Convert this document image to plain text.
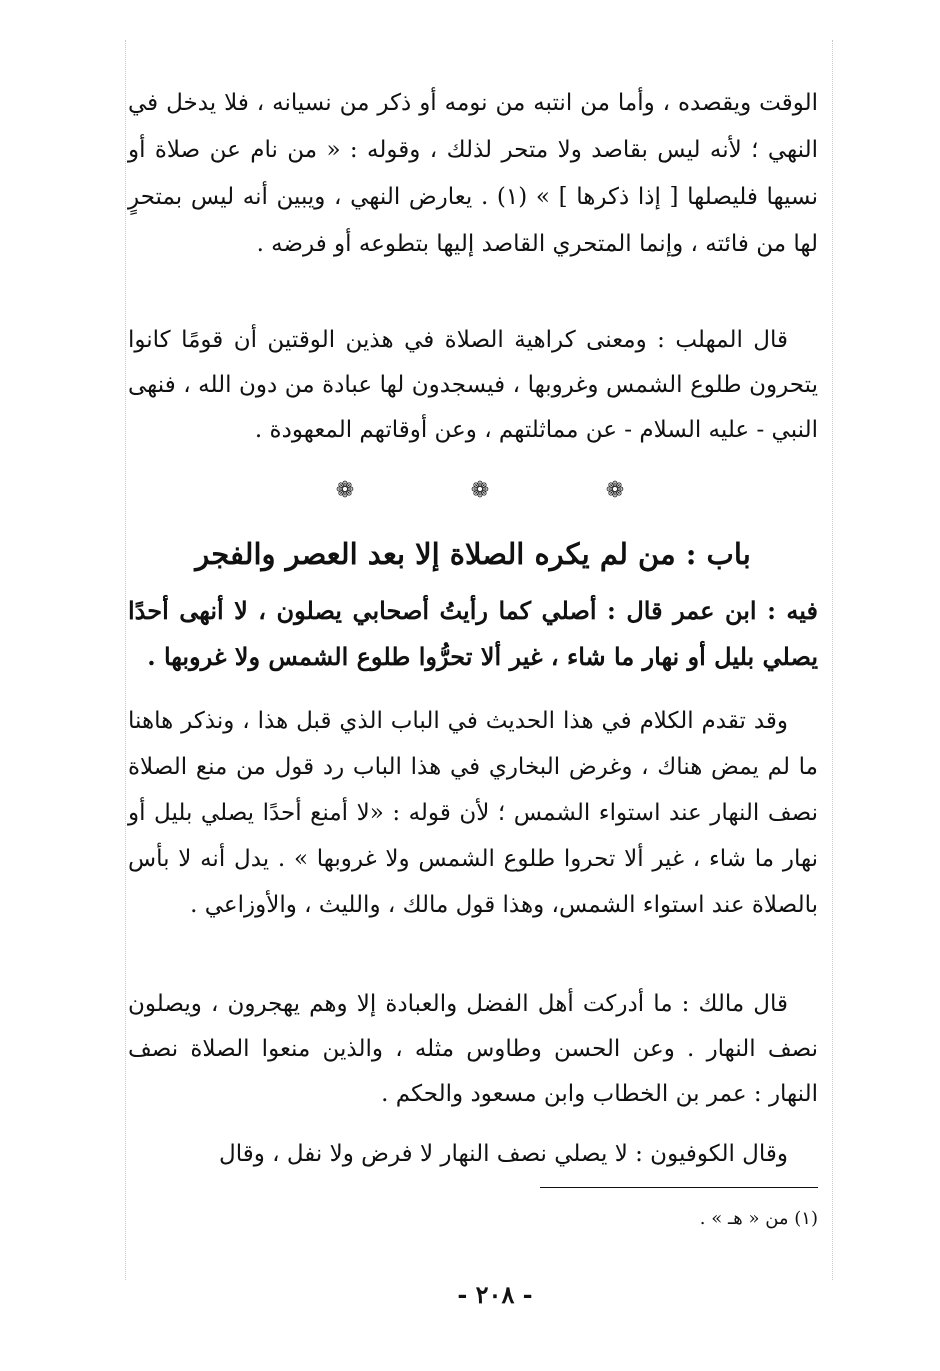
الوقت ويقصده ، وأما من انتبه من نومه أو ذكر من نسيانه ، فلا يدخل في النهي ؛ لأنه ليس بقاصد ولا متحر لذلك ، وقوله : « من نام عن صلاة أو نسيها فليصلها [ إذا ذكرها ] » (١) . يعارض النهي ، ويبين أنه ليس بمتحرٍ لها من فائته ، وإنما المتحري القاصد إليها بتطوعه أو فرضه .
قال المهلب : ومعنى كراهية الصلاة في هذين الوقتين أن قومًا كانوا يتحرون طلوع الشمس وغروبها ، فيسجدون لها عبادة من دون الله ، فنهى النبي - عليه السلام - عن مماثلتهم ، وعن أوقاتهم المعهودة .
❁	❁	❁
باب : من لم يكره الصلاة إلا بعد العصر والفجر
فيه : ابن عمر قال : أصلي كما رأيتُ أصحابي يصلون ، لا أنهى أحدًا يصلي بليل أو نهار ما شاء ، غير ألا تحرُّوا طلوع الشمس ولا غروبها .
وقد تقدم الكلام في هذا الحديث في الباب الذي قبل هذا ، ونذكر هاهنا ما لم يمض هناك ، وغرض البخاري في هذا الباب رد قول من منع الصلاة نصف النهار عند استواء الشمس ؛ لأن قوله : «لا أمنع أحدًا يصلي بليل أو نهار ما شاء ، غير ألا تحروا طلوع الشمس ولا غروبها » . يدل أنه لا بأس بالصلاة عند استواء الشمس، وهذا قول مالك ، والليث ، والأوزاعي .
قال مالك : ما أدركت أهل الفضل والعبادة إلا وهم يهجرون ، ويصلون نصف النهار . وعن الحسن وطاوس مثله ، والذين منعوا الصلاة نصف النهار : عمر بن الخطاب وابن مسعود والحكم .
وقال الكوفيون : لا يصلي نصف النهار لا فرض ولا نفل ، وقال
(١) من « هـ » .
- ٢٠٨ -
